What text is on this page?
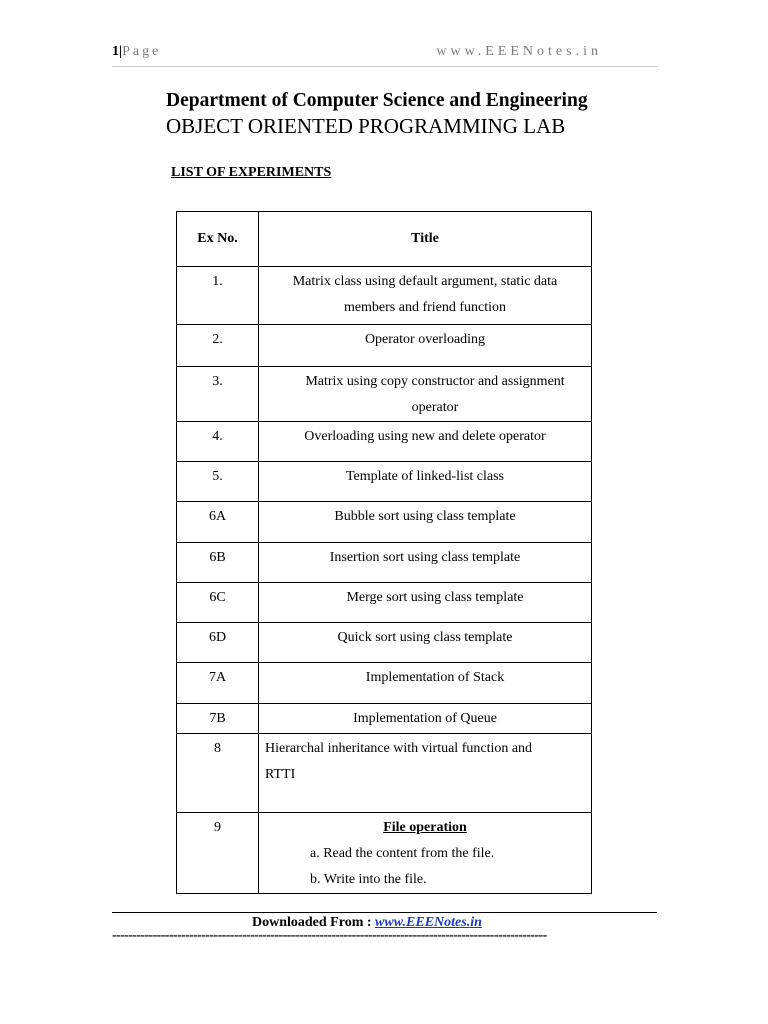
1|Page	www.EEENotes.in
Department of Computer Science and Engineering
OBJECT ORIENTED PROGRAMMING LAB
LIST OF EXPERIMENTS
Ex No.	Title
1.	Matrix class using default argument, static data members and friend function
2.	Operator overloading
3.	Matrix using copy constructor and assignment operator
4.	Overloading using new and delete operator
5.	Template of linked-list class
6A	Bubble sort using class template
6B	Insertion sort using class template
6C	Merge sort using class template
6D	Quick sort using class template
7A	Implementation of Stack
7B	Implementation of Queue
8	Hierarchal inheritance with virtual function and RTTI
9	File operation
a. Read the content from the file.
b. Write into the file.
Downloaded From : www.EEENotes.in
-----------------------------------------------------------------------------------------------------------
